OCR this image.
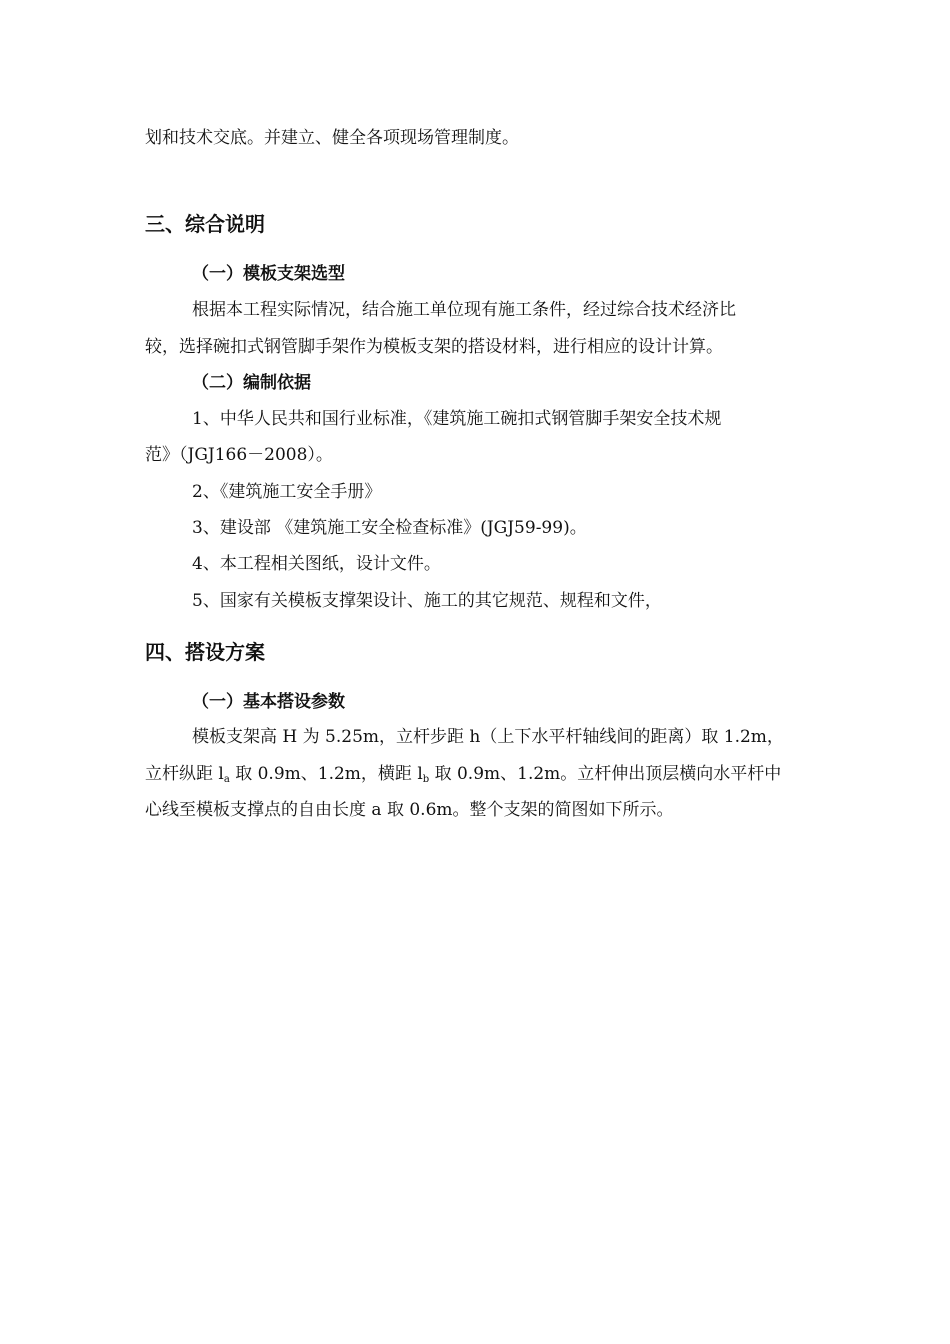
划和技术交底。并建立、健全各项现场管理制度。
三、综合说明
（一）模板支架选型
根据本工程实际情况，结合施工单位现有施工条件，经过综合技术经济比
较，选择碗扣式钢管脚手架作为模板支架的搭设材料，进行相应的设计计算。
（二）编制依据
1、中华人民共和国行业标准，《建筑施工碗扣式钢管脚手架安全技术规
范》（JGJ166－2008）。
2、《建筑施工安全手册》
3、建设部 《建筑施工安全检查标准》(JGJ59-99)。
4、本工程相关图纸，设计文件。
5、国家有关模板支撑架设计、施工的其它规范、规程和文件，
四、搭设方案
（一）基本搭设参数
模板支架高 H 为 5.25m，立杆步距 h（上下水平杆轴线间的距离）取 1.2m，
立杆纵距 $l_a$ 取 0.9m、1.2m，横距 $l_b$ 取 0.9m、1.2m。立杆伸出顶层横向水平杆中
心线至模板支撑点的自由长度 a 取 0.6m。整个支架的简图如下所示。
